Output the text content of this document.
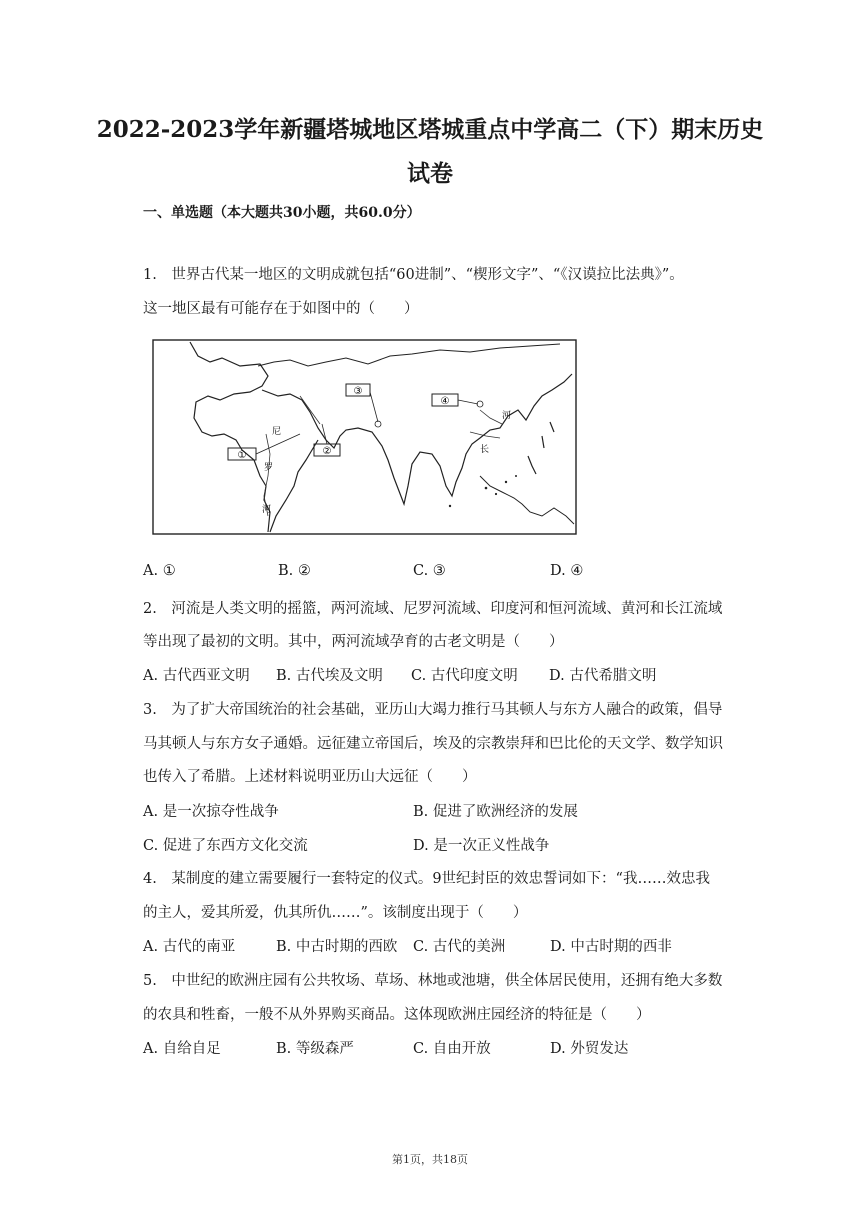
2022-2023学年新疆塔城地区塔城重点中学高二（下）期末历史
试卷
一、单选题（本大题共30小题，共60.0分）
1.　世界古代某一地区的文明成就包括“60进制”、“楔形文字”、“《汉谟拉比法典》”。
这一地区最有可能存在于如图中的（　　）
①	②
③
④
尼
罗
河
长
河
A. ①	B. ②	C. ③	D. ④
2.　河流是人类文明的摇篮，两河流域、尼罗河流域、印度河和恒河流域、黄河和长江流域
等出现了最初的文明。其中，两河流域孕育的古老文明是（　　）
A. 古代西亚文明 B. 古代埃及文明 C. 古代印度文明 D. 古代希腊文明
3.　为了扩大帝国统治的社会基础，亚历山大竭力推行马其顿人与东方人融合的政策，倡导
马其顿人与东方女子通婚。远征建立帝国后，埃及的宗教崇拜和巴比伦的天文学、数学知识
也传入了希腊。上述材料说明亚历山大远征（　　）
A. 是一次掠夺性战争	B. 促进了欧洲经济的发展
C. 促进了东西方文化交流	D. 是一次正义性战争
4.　某制度的建立需要履行一套特定的仪式。9世纪封臣的效忠誓词如下：“我……效忠我
的主人，爱其所爱，仇其所仇……”。该制度出现于（　　）
A. 古代的南亚	B. 中古时期的西欧 C. 古代的美洲	D. 中古时期的西非
5.　中世纪的欧洲庄园有公共牧场、草场、林地或池塘，供全体居民使用，还拥有绝大多数
的农具和牲畜，一般不从外界购买商品。这体现欧洲庄园经济的特征是（　　）
A. 自给自足	B. 等级森严	C. 自由开放	D. 外贸发达
第1页，共18页
